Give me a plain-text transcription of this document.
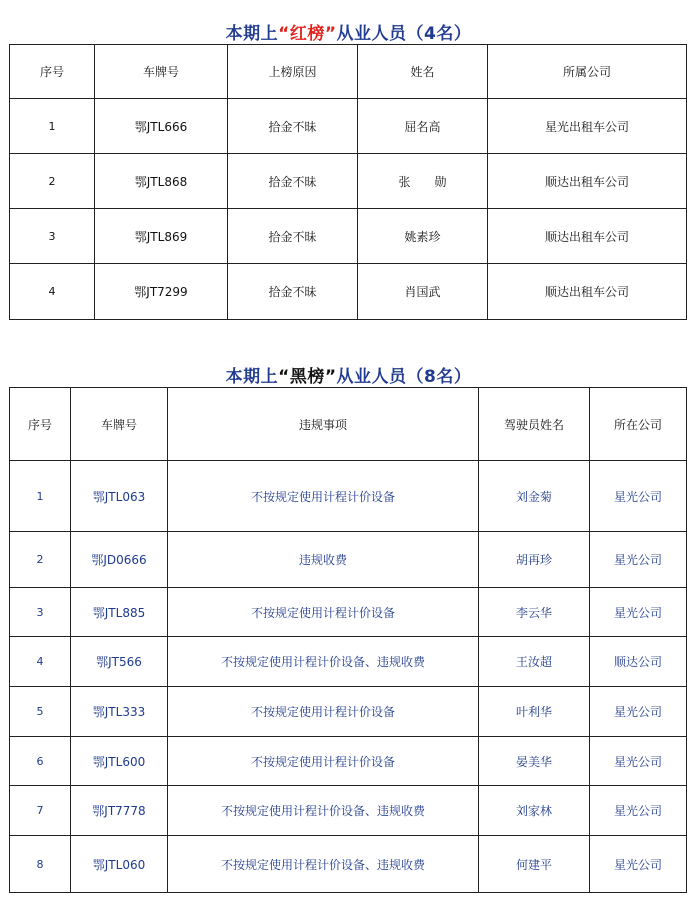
本期上“红榜”从业人员（4名）
序号	车牌号	上榜原因	姓名	所属公司
1	鄂JTL666	拾金不昧	屈名高	星光出租车公司
2	鄂JTL868	拾金不昧	张　　勋	顺达出租车公司
3	鄂JTL869	拾金不昧	姚素珍	顺达出租车公司
4	鄂JT7299	拾金不昧	肖国武	顺达出租车公司
本期上“黑榜”从业人员（8名）
序号	车牌号	违规事项	驾驶员姓名	所在公司
1	鄂JTL063	不按规定使用计程计价设备	刘金菊	星光公司
2	鄂JD0666	违规收费	胡再珍	星光公司
3	鄂JTL885	不按规定使用计程计价设备	李云华	星光公司
4	鄂JT566	不按规定使用计程计价设备、违规收费	王汝超	顺达公司
5	鄂JTL333	不按规定使用计程计价设备	叶利华	星光公司
6	鄂JTL600	不按规定使用计程计价设备	晏美华	星光公司
7	鄂JT7778	不按规定使用计程计价设备、违规收费	刘家林	星光公司
8	鄂JTL060	不按规定使用计程计价设备、违规收费	何建平	星光公司
